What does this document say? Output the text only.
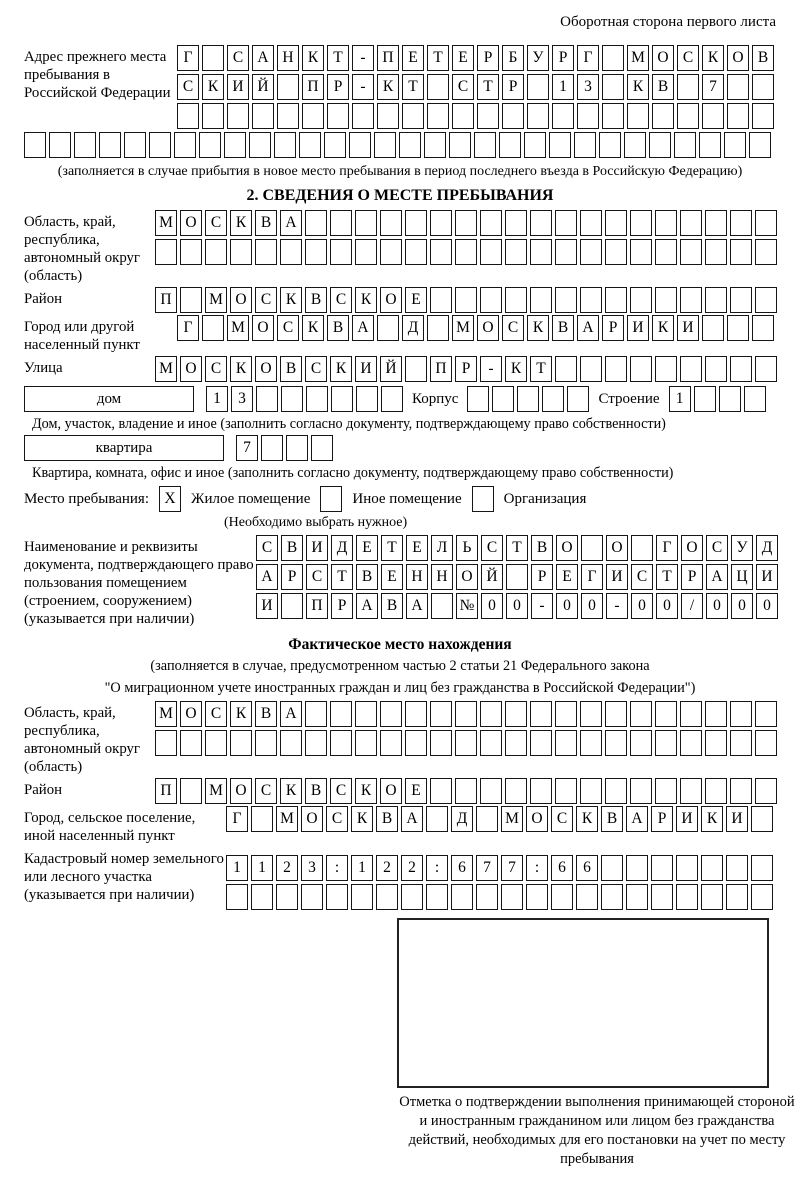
Оборотная сторона первого листа
Адрес прежнего места пребывания в Российской Федерации
Г	С А Н К Т	-	П Е	Т	Е	Р	Б У Р	Г	М О С К О В
С К И Й	П Р	-	К Т	С Т	Р	1	3	К В	7
(заполняется в случае прибытия в новое место пребывания в период последнего въезда в Российскую Федерацию)
2. СВЕДЕНИЯ О МЕСТЕ ПРЕБЫВАНИЯ
Область, край, республика, автономный округ (область)
М О С К В А
Район	П	М О С К В С К О Е
Город или другой населенный пункт
Г	М О С К В А	Д	М О С К В А Р И К И
Улица	М О С К О В С К И Й	П Р	-	К Т
дом	1	3	Корпус	Строение	1
Дом, участок, владение и иное (заполнить согласно документу, подтверждающему право собственности)
квартира	7
Квартира, комната, офис и иное (заполнить согласно документу, подтверждающему право собственности)
Место пребывания: X	Жилое помещение	Иное помещение	Организация
(Необходимо выбрать нужное)
Наименование и реквизиты документа, подтверждающего право пользования помещением (строением, сооружением) (указывается при наличии)
С В И Д Е	Т	Е Л Ь С Т В О	О	Г О С У Д
А Р	С Т В Е Н Н О Й	Р	Е	Г И С Т	Р А Ц И
И	П Р А В А	№ 0	0	-	0	0	-	0	0	/	0	0	0
Фактическое место нахождения
(заполняется в случае, предусмотренном частью 2 статьи 21 Федерального закона
"О миграционном учете иностранных граждан и лиц без гражданства в Российской Федерации")
Область, край, республика, автономный округ (область)
М О С К В А
Район	П	М О С К В С К О Е
Город, сельское поселение, иной населенный пункт
Г	М О С К В А	Д	М О С К В А Р И К И
Кадастровый номер земельного или лесного участка (указывается при наличии)
1	1	2	3	:	1	2	2	:	6	7	7	:	6	6
Отметка о подтверждении выполнения принимающей стороной и иностранным гражданином или лицом без гражданства действий, необходимых для его постановки на учет по месту пребывания
